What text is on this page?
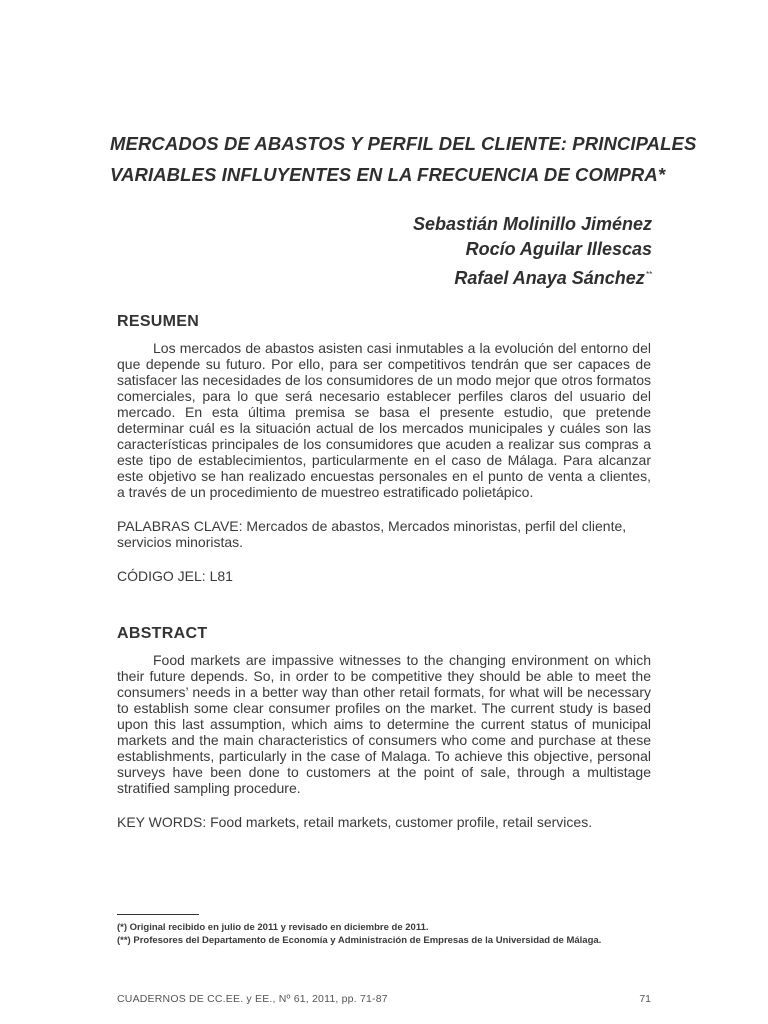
MERCADOS DE ABASTOS Y PERFIL DEL CLIENTE: PRINCIPALES
VARIABLES INFLUYENTES EN LA FRECUENCIA DE COMPRA*
Sebastián Molinillo Jiménez
Rocío Aguilar Illescas
Rafael Anaya Sánchez**
RESUMEN
Los mercados de abastos asisten casi inmutables a la evolución del entorno del que depende su futuro. Por ello, para ser competitivos tendrán que ser capaces de satisfacer las necesidades de los consumidores de un modo mejor que otros formatos comerciales, para lo que será necesario establecer perfiles claros del usuario del mercado. En esta última premisa se basa el presente estudio, que pretende determinar cuál es la situación actual de los mercados municipales y cuáles son las características principales de los consumidores que acuden a realizar sus compras a este tipo de establecimientos, particularmente en el caso de Málaga. Para alcanzar este objetivo se han realizado encuestas personales en el punto de venta a clientes, a través de un procedimiento de muestreo estratificado polietápico.
PALABRAS CLAVE: Mercados de abastos, Mercados minoristas, perfil del cliente, servicios minoristas.
CÓDIGO JEL: L81
ABSTRACT
Food markets are impassive witnesses to the changing environment on which their future depends. So, in order to be competitive they should be able to meet the consumers’ needs in a better way than other retail formats, for what will be necessary to establish some clear consumer profiles on the market. The current study is based upon this last assumption, which aims to determine the current status of municipal markets and the main characteristics of consumers who come and purchase at these establishments, particularly in the case of Malaga. To achieve this objective, personal surveys have been done to customers at the point of sale, through a multistage stratified sampling procedure.
KEY WORDS: Food markets, retail markets, customer profile, retail services.
(*) Original recibido en julio de 2011 y revisado en diciembre de 2011.
(**) Profesores del Departamento de Economía y Administración de Empresas de la Universidad de Málaga.
CUADERNOS DE CC.EE. y EE., Nº 61, 2011, pp. 71-87	71
